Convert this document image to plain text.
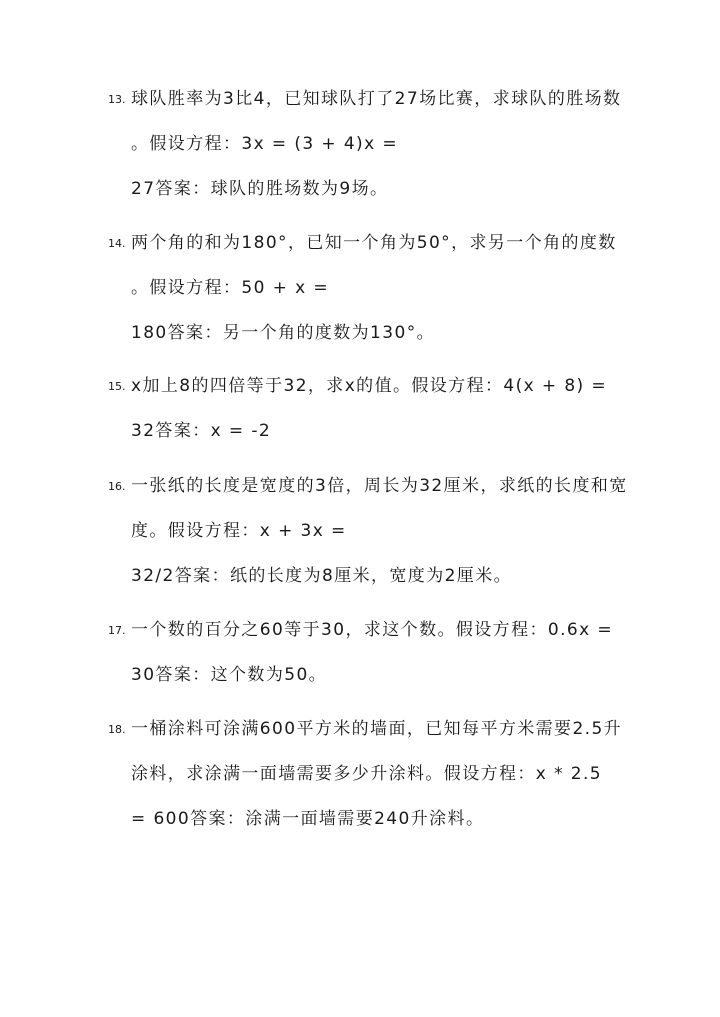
13. 球队胜率为3比4，已知球队打了27场比赛，求球队的胜场数
。假设方程：3x = (3 + 4)x =
27答案：球队的胜场数为9场。
14. 两个角的和为180°，已知一个角为50°，求另一个角的度数
。假设方程：50 + x =
180答案：另一个角的度数为130°。
15. x加上8的四倍等于32，求x的值。假设方程：4(x + 8) =
32答案：x = -2
16. 一张纸的长度是宽度的3倍，周长为32厘米，求纸的长度和宽
度。假设方程：x + 3x =
32/2答案：纸的长度为8厘米，宽度为2厘米。
17. 一个数的百分之60等于30，求这个数。假设方程：0.6x =
30答案：这个数为50。
18. 一桶涂料可涂满600平方米的墙面，已知每平方米需要2.5升
涂料，求涂满一面墙需要多少升涂料。假设方程：x * 2.5
= 600答案：涂满一面墙需要240升涂料。
